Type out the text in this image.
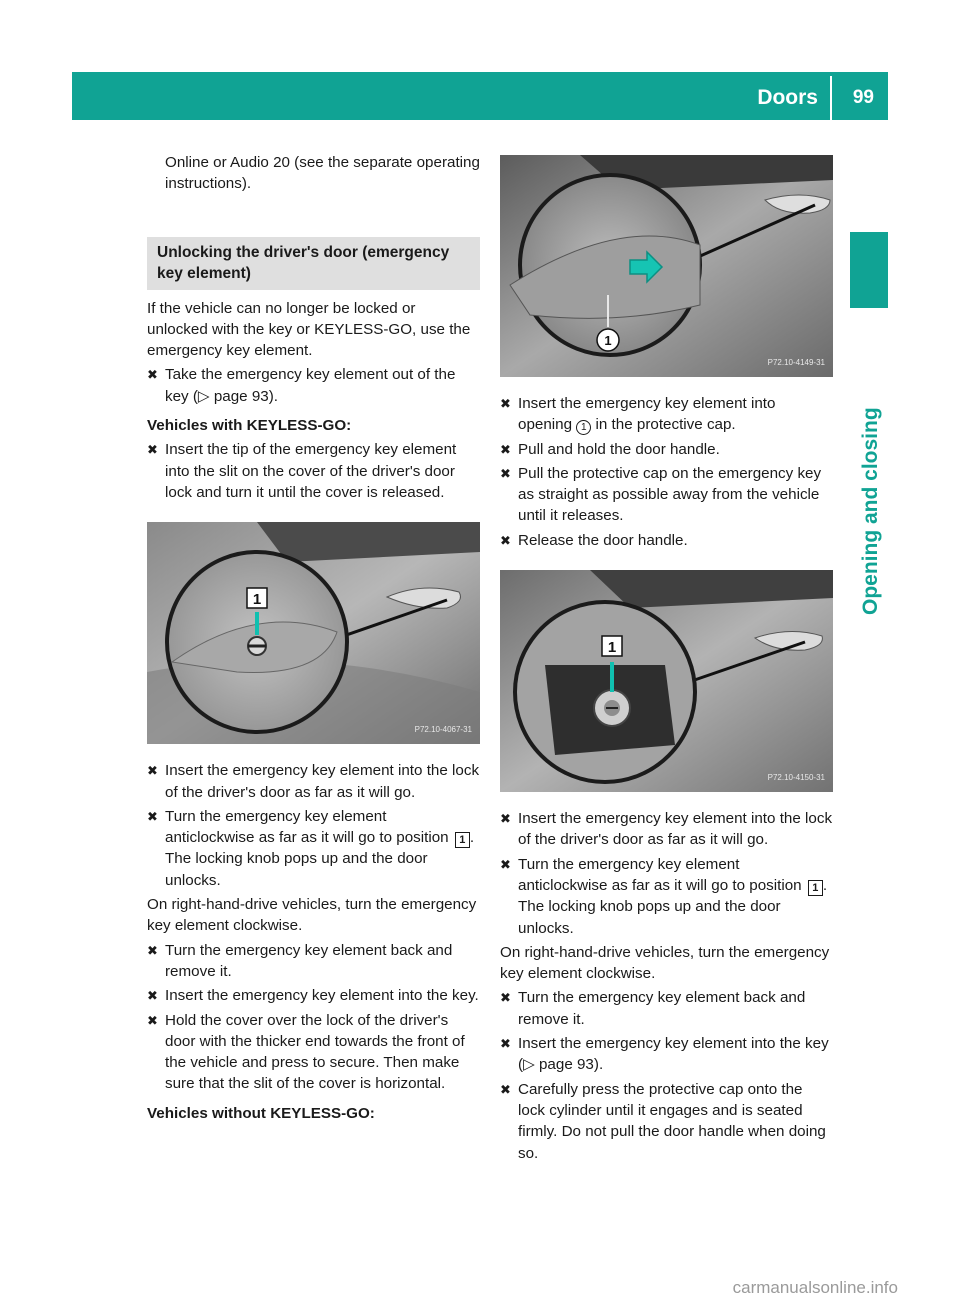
Doors 99
Opening and closing

Online or Audio 20 (see the separate operating instructions).

Unlocking the driver's door (emergency key element)

If the vehicle can no longer be locked or unlocked with the key or KEYLESS-GO, use the emergency key element.

✖ Take the emergency key element out of the key (▷ page 93).

Vehicles with KEYLESS-GO:

✖ Insert the tip of the emergency key element into the slit on the cover of the driver's door lock and turn it until the cover is released.

1
P72.10-4067-31

✖ Insert the emergency key element into the lock of the driver's door as far as it will go.

✖ Turn the emergency key element anticlockwise as far as it will go to position 1 . The locking knob pops up and the door unlocks.

On right-hand-drive vehicles, turn the emergency key element clockwise.

✖ Turn the emergency key element back and remove it.

✖ Insert the emergency key element into the key.

✖ Hold the cover over the lock of the driver's door with the thicker end towards the front of the vehicle and press to secure. Then make sure that the slit of the cover is horizontal.

Vehicles without KEYLESS-GO:

1
P72.10-4149-31

✖ Insert the emergency key element into opening 1 in the protective cap.

✖ Pull and hold the door handle.

✖ Pull the protective cap on the emergency key as straight as possible away from the vehicle until it releases.

✖ Release the door handle.

1
P72.10-4150-31

✖ Insert the emergency key element into the lock of the driver's door as far as it will go.

✖ Turn the emergency key element anticlockwise as far as it will go to position 1 . The locking knob pops up and the door unlocks.

On right-hand-drive vehicles, turn the emergency key element clockwise.

✖ Turn the emergency key element back and remove it.

✖ Insert the emergency key element into the key (▷ page 93).

✖ Carefully press the protective cap onto the lock cylinder until it engages and is seated firmly. Do not pull the door handle when doing so.

carmanualsonline.info
